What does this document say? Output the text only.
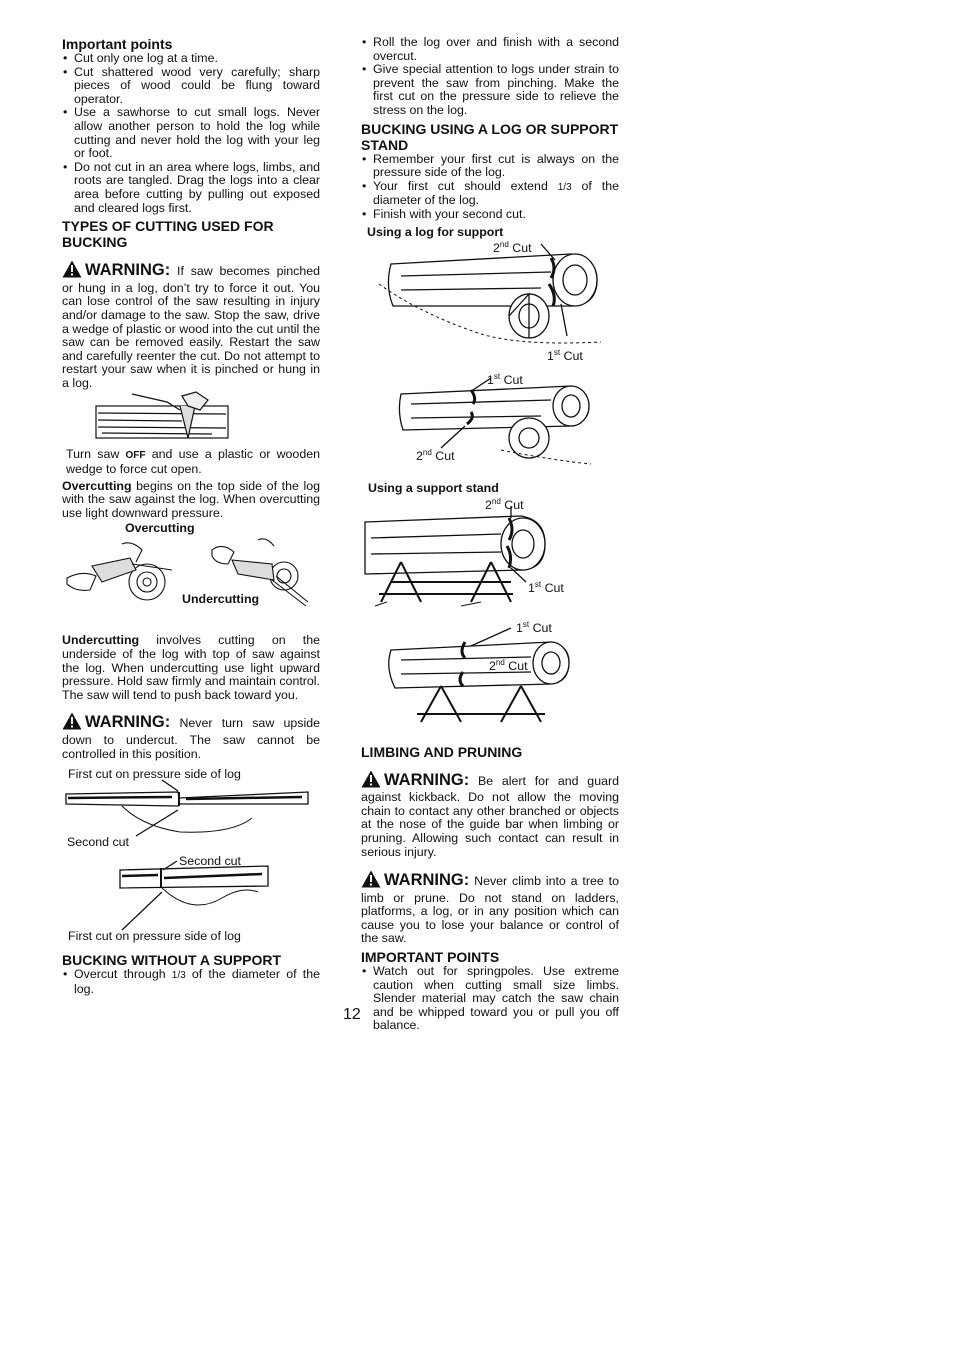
Important points
• Cut only one log at a time.
• Cut shattered wood very carefully; sharp pieces of wood could be flung toward operator.
• Use a sawhorse to cut small logs. Never allow another person to hold the log while cutting and never hold the log with your leg or foot.
• Do not cut in an area where logs, limbs, and roots are tangled. Drag the logs into a clear area before cutting by pulling out exposed and cleared logs first.
TYPES OF CUTTING USED FOR BUCKING

WARNING: If saw becomes pinched or hung in a log, don’t try to force it out. You can lose control of the saw resulting in injury and/or damage to the saw. Stop the saw, drive a wedge of plastic or wood into the cut until the saw can be removed easily. Restart the saw and carefully reenter the cut. Do not attempt to restart your saw when it is pinched or hung in a log.

Turn saw OFF and use a plastic or wooden wedge to force cut open.

Overcutting begins on the top side of the log with the saw against the log. When overcutting use light downward pressure.

Overcutting
Undercutting

Undercutting involves cutting on the underside of the log with top of saw against the log. When undercutting use light upward pressure. Hold saw firmly and maintain control. The saw will tend to push back toward you.

WARNING: Never turn saw upside down to undercut. The saw cannot be controlled in this position.

First cut on pressure side of log
Second cut
Second cut
First cut on pressure side of log
BUCKING WITHOUT A SUPPORT
• Overcut through 1/3 of the diameter of the log.
• Roll the log over and finish with a second overcut.
• Give special attention to logs under strain to prevent the saw from pinching. Make the first cut on the pressure side to relieve the stress on the log.
BUCKING USING A LOG OR SUPPORT STAND
• Remember your first cut is always on the pressure side of the log.
• Your first cut should extend 1/3 of the diameter of the log.
• Finish with your second cut.
Using a log for support
2nd Cut
1st Cut
1st Cut
2nd Cut
Using a support stand
2nd Cut
1st Cut
1st Cut
2nd Cut
LIMBING AND PRUNING

WARNING: Be alert for and guard against kickback. Do not allow the moving chain to contact any other branched or objects at the nose of the guide bar when limbing or pruning. Allowing such contact can result in serious injury.

WARNING: Never climb into a tree to limb or prune. Do not stand on ladders, platforms, a log, or in any position which can cause you to lose your balance or control of the saw.

IMPORTANT POINTS
• Watch out for springpoles. Use extreme caution when cutting small size limbs. Slender material may catch the saw chain and be whipped toward you or pull you off balance.
12
